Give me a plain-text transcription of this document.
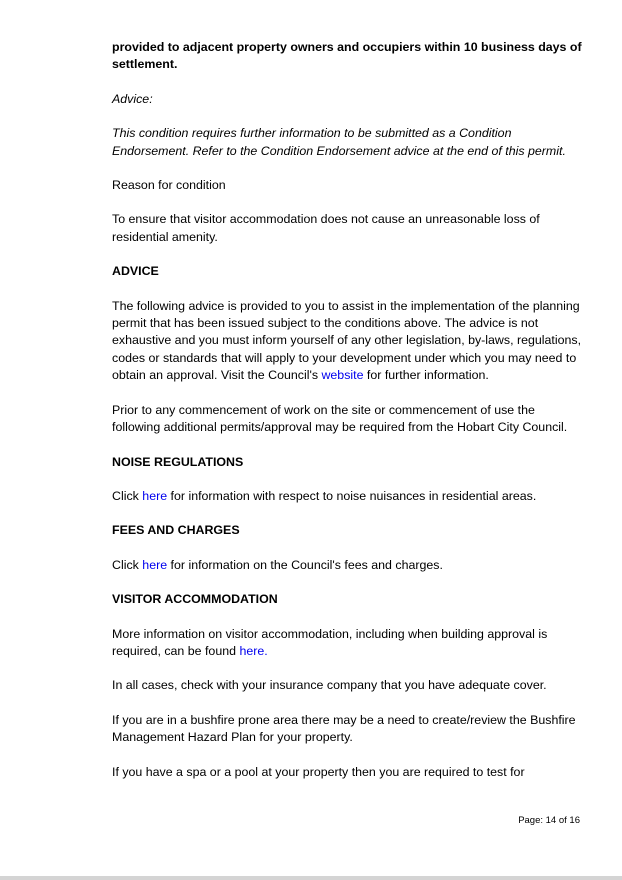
provided to adjacent property owners and occupiers within 10 business days of settlement.

Advice:

This condition requires further information to be submitted as a Condition Endorsement. Refer to the Condition Endorsement advice at the end of this permit.

Reason for condition

To ensure that visitor accommodation does not cause an unreasonable loss of residential amenity.

ADVICE

The following advice is provided to you to assist in the implementation of the planning permit that has been issued subject to the conditions above. The advice is not exhaustive and you must inform yourself of any other legislation, by-laws, regulations, codes or standards that will apply to your development under which you may need to obtain an approval. Visit the Council's website for further information.

Prior to any commencement of work on the site or commencement of use the following additional permits/approval may be required from the Hobart City Council.

NOISE REGULATIONS

Click here for information with respect to noise nuisances in residential areas.

FEES AND CHARGES

Click here for information on the Council's fees and charges.

VISITOR ACCOMMODATION

More information on visitor accommodation, including when building approval is required, can be found here.

In all cases, check with your insurance company that you have adequate cover.

If you are in a bushfire prone area there may be a need to create/review the Bushfire Management Hazard Plan for your property.

If you have a spa or a pool at your property then you are required to test for

Page: 14 of 16
